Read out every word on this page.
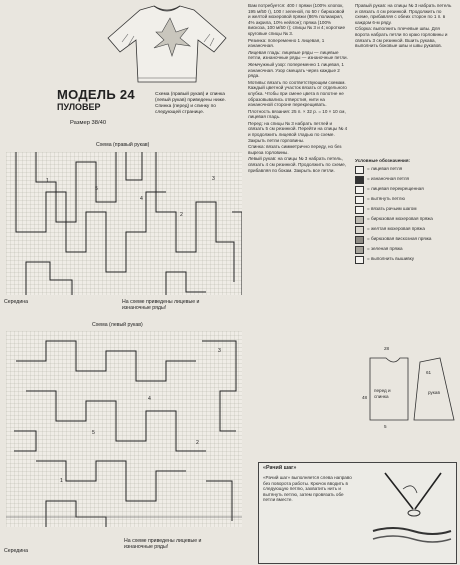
МОДЕЛЬ 24
ПУЛОВЕР
Размер 38/40
Схема (правый рукав) и спинка (левый рукав) приведены ниже. Спинка (перед) и спинку по следующей странице.
Схема (правый рукав)
1
5
4
2
3
Середина	На схеме приведены лицевые и изнаночные ряды!
Схема (левый рукав)
3
4
5
2
1
Середина
На схеме приведены лицевые и изнаночные ряды!

Вам потребуется: 400 г пряжи (100% хлопок, 195 м/50 г), 100 г зеленой, по 50 г бирюзовой и желтой мохеровой пряжи (86% полиакрил, 4% акрила, 10% нейлон); пряжа (100% вискоза, 100 м/50 г); спицы № 3 и 4; короткие круговые спицы № 3.

Резинка: попеременно 1 лицевая, 1 изнаночная.

Лицевая гладь: лицевые ряды — лицевые петли, изнаночные ряды — изнаночные петли.

Жемчужный узор: попеременно 1 лицевая, 1 изнаночная. Узор смещать через каждые 2 ряда.

Мотивы: вязать по соответствующим схемам. Каждый цветной участок вязать от отдельного клубка. Чтобы при смене цвета в полотне не образовывались отверстия, нити на изнаночной стороне перекрещивать.

Плотность вязания: 25 п. × 32 р. = 10 × 10 см, лицевая гладь.

Перед: на спицы № 3 набрать петлей и связать 5 см резинкой. Перейти на спицы № 4 и продолжить лицевой гладью по схеме. Закрыть петли горловины.

Спинка: вязать симметрично переду, но без выреза горловины.

Левый рукав: на спицы № 3 набрать петель, связать 4 см резинкой. Продолжить по схеме, прибавляя по бокам. Закрыть все петли.

Правый рукав: на спицы № 3 набрать петель и связать 4 см резинкой. Продолжить по схеме, прибавляя с обеих сторон по 1 п. в каждом 6-м ряду.

Сборка: выполнить плечевые швы. Для ворота набрать петли по краю горловины и связать 3 см резинкой. Вшить рукава, выполнить боковые швы и швы рукавов.

Условные обозначения:
= лицевая петля
= изнаночная петля
= лицевая перекрещенная
= вытянуть петлю
= вязать рачьим шагом
= бирюзовая мохеровая пряжа
= желтая мохеровая пряжа
= бирюзовая вискозная пряжа
= зеленая пряжа
= выполнить вышивку
перед и спинка
рукав
28
48
61
5
«Рачий шаг»
«Рачий шаг» выполняется слева направо без поворота работы. Крючок вводить в следующую петлю, захватить нить и вытянуть петлю, затем провязать обе петли вместе.
